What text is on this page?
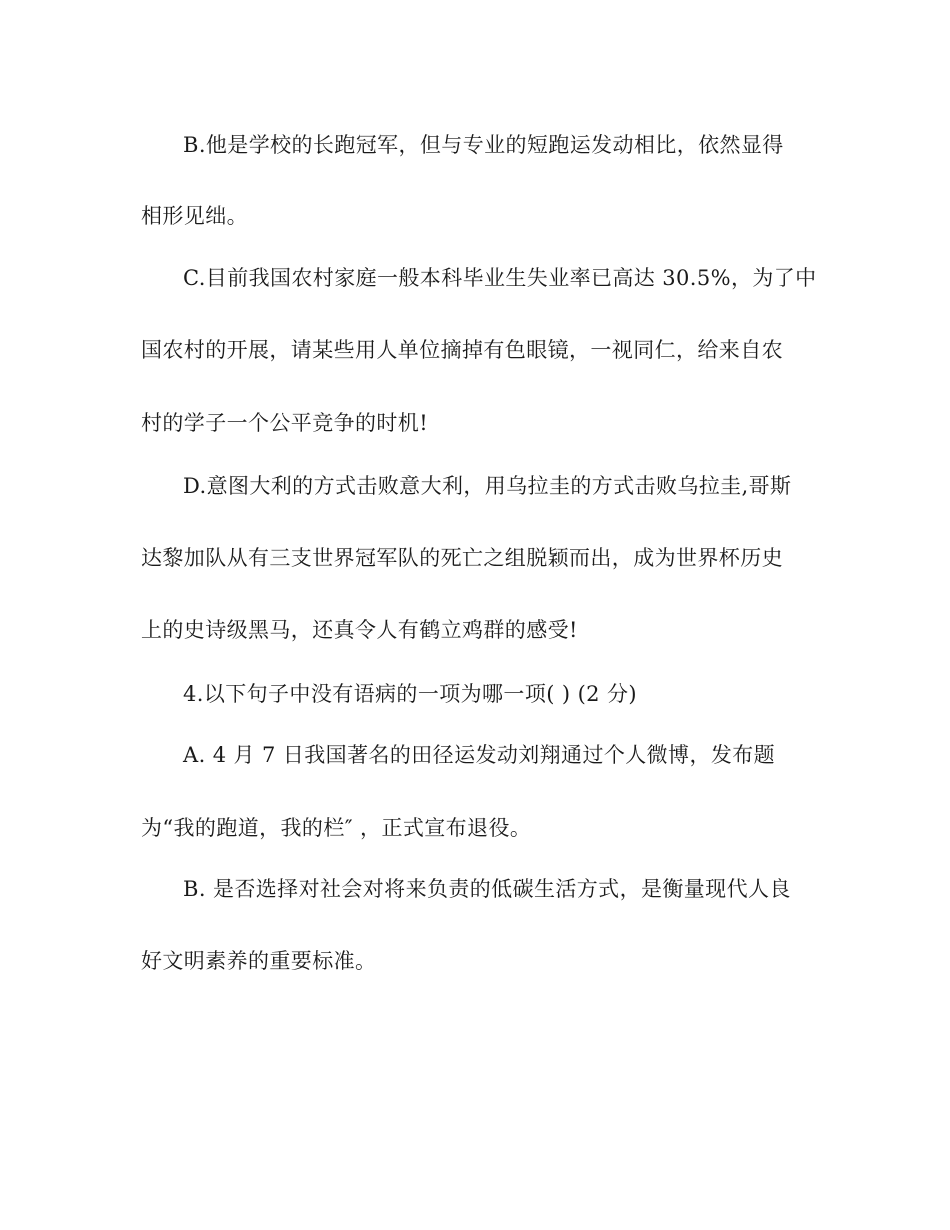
B.他是学校的长跑冠军，但与专业的短跑运发动相比，依然显得
相形见绌。
C.目前我国农村家庭一般本科毕业生失业率已高达 30.5%，为了中
国农村的开展，请某些用人单位摘掉有色眼镜，一视同仁，给来自农
村的学子一个公平竞争的时机!
D.意图大利的方式击败意大利，用乌拉圭的方式击败乌拉圭,哥斯
达黎加队从有三支世界冠军队的死亡之组脱颖而出，成为世界杯历史
上的史诗级黑马，还真令人有鹤立鸡群的感受!
4.以下句子中没有语病的一项为哪一项( ) (2 分)
A. 4 月 7 日我国著名的田径运发动刘翔通过个人微博，发布题
为“我的跑道，我的栏″ ，正式宣布退役。
B. 是否选择对社会对将来负责的低碳生活方式，是衡量现代人良
好文明素养的重要标准。
